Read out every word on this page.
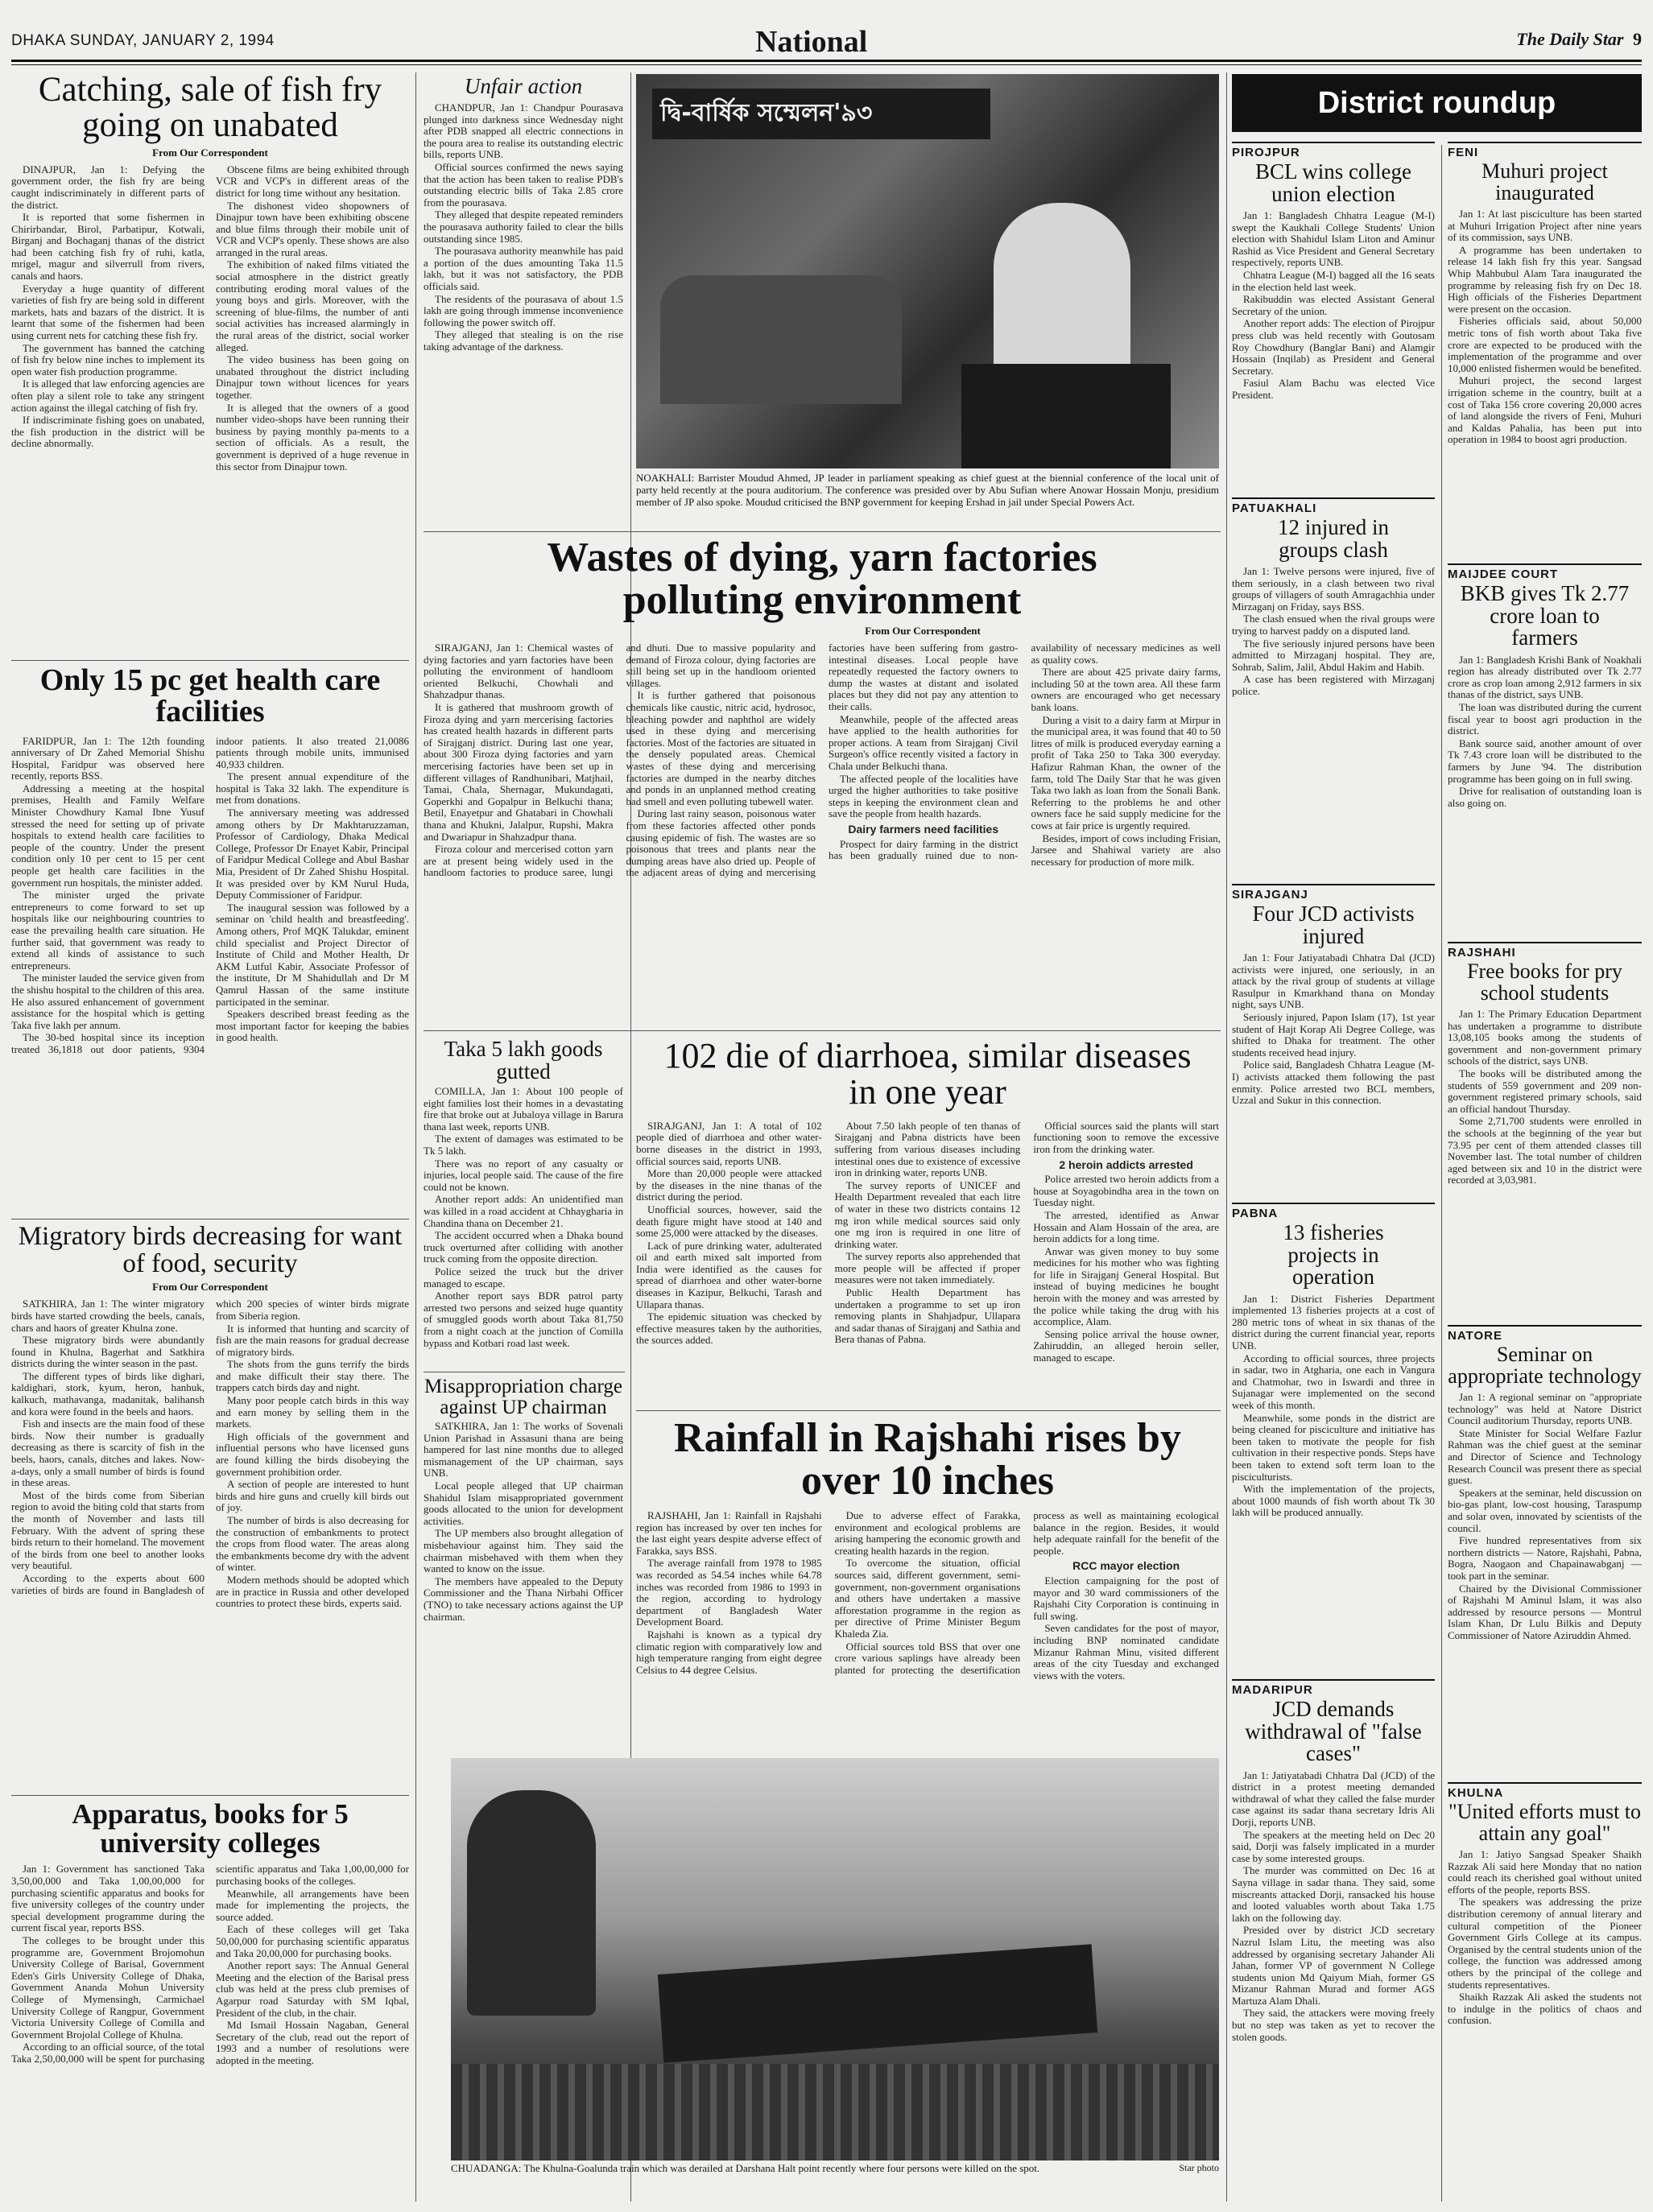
DHAKA SUNDAY, JANUARY 2, 1994	National	The Daily Star 9
Catching, sale of fish fry going on unabated
From Our Correspondent

DINAJPUR, Jan 1: Defying the government order, the fish fry are being caught indiscriminately in different parts of the district.

It is reported that some fishermen in Chirirbandar, Birol, Parbatipur, Kotwali, Birganj and Bochaganj thanas of the district had been catching fish fry of ruhi, katla, mrigel, magur and silverrull from rivers, canals and haors.

Everyday a huge quantity of different varieties of fish fry are being sold in different markets, hats and bazars of the district. It is learnt that some of the fishermen had been using current nets for catching these fish fry.

The government has banned the catching of fish fry below nine inches to implement its open water fish production programme.

It is alleged that law enforcing agencies are often play a silent role to take any stringent action against the illegal catching of fish fry.

If indiscriminate fishing goes on unabated, the fish production in the district will be decline abnormally.

Obscene films are being exhibited through VCR and VCP's in different areas of the district for long time without any hesitation.

The dishonest video shopowners of Dinajpur town have been exhibiting obscene and blue films through their mobile unit of VCR and VCP's openly. These shows are also arranged in the rural areas.

The exhibition of naked films vitiated the social atmosphere in the district greatly contributing eroding moral values of the young boys and girls. Moreover, with the screening of blue-films, the number of anti social activities has increased alarmingly in the rural areas of the district, social worker alleged.

The video business has been going on unabated throughout the district including Dinajpur town without licences for years together.

It is alleged that the owners of a good number video-shops have been running their business by paying monthly pa-ments to a section of officials. As a result, the government is deprived of a huge revenue in this sector from Dinajpur town.

Only 15 pc get health care facilities

FARIDPUR, Jan 1: The 12th founding anniversary of Dr Zahed Memorial Shishu Hospital, Faridpur was observed here recently, reports BSS.

Addressing a meeting at the hospital premises, Health and Family Welfare Minister Chowdhury Kamal Ibne Yusuf stressed the need for setting up of private hospitals to extend health care facilities to people of the country. Under the present condition only 10 per cent to 15 per cent people get health care facilities in the government run hospitals, the minister added.

The minister urged the private entrepreneurs to come forward to set up hospitals like our neighbouring countries to ease the prevailing health care situation. He further said, that government was ready to extend all kinds of assistance to such entrepreneurs.

The minister lauded the service given from the shishu hospital to the children of this area. He also assured enhancement of government assistance for the hospital which is getting Taka five lakh per annum.

The 30-bed hospital since its inception treated 36,1818 out door patients, 9304 indoor patients. It also treated 21,0086 patients through mobile units, immunised 40,933 children.

The present annual expenditure of the hospital is Taka 32 lakh. The expenditure is met from donations.

The anniversary meeting was addressed among others by Dr Makhtaruzzaman, Professor of Cardiology, Dhaka Medical College, Professor Dr Enayet Kabir, Principal of Faridpur Medical College and Abul Bashar Mia, President of Dr Zahed Shishu Hospital. It was presided over by KM Nurul Huda, Deputy Commissioner of Faridpur.

The inaugural session was followed by a seminar on 'child health and breastfeeding'. Among others, Prof MQK Talukdar, eminent child specialist and Project Director of Institute of Child and Mother Health, Dr AKM Lutful Kabir, Associate Professor of the institute, Dr M Shahidullah and Dr M Qamrul Hassan of the same institute participated in the seminar.

Speakers described breast feeding as the most important factor for keeping the babies in good health.

Migratory birds decreasing for want of food, security
From Our Correspondent

SATKHIRA, Jan 1: The winter migratory birds have started crowding the beels, canals, chars and haors of greater Khulna zone.

These migratory birds were abundantly found in Khulna, Bagerhat and Satkhira districts during the winter season in the past.

The different types of birds like dighari, kaldighari, stork, kyum, heron, hanhuk, kalkuch, mathavanga, madanitak, balihansh and kora were found in the beels and haors.

Fish and insects are the main food of these birds. Now their number is gradually decreasing as there is scarcity of fish in the beels, haors, canals, ditches and lakes. Now-a-days, only a small number of birds is found in these areas.

Most of the birds come from Siberian region to avoid the biting cold that starts from the month of November and lasts till February. With the advent of spring these birds return to their homeland. The movement of the birds from one beel to another looks very beautiful.

According to the experts about 600 varieties of birds are found in Bangladesh of which 200 species of winter birds migrate from Siberia region.

It is informed that hunting and scarcity of fish are the main reasons for gradual decrease of migratory birds.

The shots from the guns terrify the birds and make difficult their stay there. The trappers catch birds day and night.

Many poor people catch birds in this way and earn money by selling them in the markets.

High officials of the government and influential persons who have licensed guns are found killing the birds disobeying the government prohibition order.

A section of people are interested to hunt birds and hire guns and cruelly kill birds out of joy.

The number of birds is also decreasing for the construction of embankments to protect the crops from flood water. The areas along the embankments become dry with the advent of winter.

Modern methods should be adopted which are in practice in Russia and other developed countries to protect these birds, experts said.

Apparatus, books for 5 university colleges

Jan 1: Government has sanctioned Taka 3,50,00,000 and Taka 1,00,00,000 for purchasing scientific apparatus and books for five university colleges of the country under special development programme during the current fiscal year, reports BSS.

The colleges to be brought under this programme are, Government Brojomohun University College of Barisal, Government Eden's Girls University College of Dhaka, Government Ananda Mohun University College of Mymensingh, Carmichael University College of Rangpur, Government Victoria University College of Comilla and Government Brojolal College of Khulna.

According to an official source, of the total Taka 2,50,00,000 will be spent for purchasing scientific apparatus and Taka 1,00,00,000 for purchasing books of the colleges.

Meanwhile, all arrangements have been made for implementing the projects, the source added.

Each of these colleges will get Taka 50,00,000 for purchasing scientific apparatus and Taka 20,00,000 for purchasing books.

Another report says: The Annual General Meeting and the election of the Barisal press club was held at the press club premises of Agarpur road Saturday with SM Iqbal, President of the club, in the chair.

Md Ismail Hossain Nagaban, General Secretary of the club, read out the report of 1993 and a number of resolutions were adopted in the meeting.

Unfair action

CHANDPUR, Jan 1: Chandpur Pourasava plunged into darkness since Wednesday night after PDB snapped all electric connections in the poura area to realise its outstanding electric bills, reports UNB.

Official sources confirmed the news saying that the action has been taken to realise PDB's outstanding electric bills of Taka 2.85 crore from the pourasava.

They alleged that despite repeated reminders the pourasava authority failed to clear the bills outstanding since 1985.

The pourasava authority meanwhile has paid a portion of the dues amounting Taka 11.5 lakh, but it was not satisfactory, the PDB officials said.

The residents of the pourasava of about 1.5 lakh are going through immense inconvenience following the power switch off.

They alleged that stealing is on the rise taking advantage of the darkness.

দ্বি-বার্ষিক সম্মেলন'৯৩
NOAKHALI: Barrister Moudud Ahmed, JP leader in parliament speaking as chief guest at the biennial conference of the local unit of party held recently at the poura auditorium. The conference was presided over by Abu Sufian where Anowar Hossain Monju, presidium member of JP also spoke. Moudud criticised the BNP government for keeping Ershad in jail under Special Powers Act.
Wastes of dying, yarn factories polluting environment
From Our Correspondent

SIRAJGANJ, Jan 1: Chemical wastes of dying factories and yarn factories have been polluting the environment of handloom oriented Belkuchi, Chowhali and Shahzadpur thanas.

It is gathered that mushroom growth of Firoza dying and yarn mercerising factories has created health hazards in different parts of Sirajganj district. During last one year, about 300 Firoza dying factories and yarn mercerising factories have been set up in different villages of Randhunibari, Matjhail, Tamai, Chala, Shernagar, Mukundagati, Goperkhi and Gopalpur in Belkuchi thana; Betil, Enayetpur and Ghatabari in Chowhali thana and Khukni, Jalalpur, Rupshi, Makra and Dwariapur in Shahzadpur thana.

Firoza colour and mercerised cotton yarn are at present being widely used in the handloom factories to produce saree, lungi and dhuti. Due to massive popularity and demand of Firoza colour, dying factories are still being set up in the handloom oriented villages.

It is further gathered that poisonous chemicals like caustic, nitric acid, hydrosoc, bleaching powder and naphthol are widely used in these dying and mercerising factories. Most of the factories are situated in the densely populated areas. Chemical wastes of these dying and mercerising factories are dumped in the nearby ditches and ponds in an unplanned method creating bad smell and even polluting tubewell water.

During last rainy season, poisonous water from these factories affected other ponds causing epidemic of fish. The wastes are so poisonous that trees and plants near the dumping areas have also dried up. People of the adjacent areas of dying and mercerising factories have been suffering from gastro-intestinal diseases. Local people have repeatedly requested the factory owners to dump the wastes at distant and isolated places but they did not pay any attention to their calls.

Meanwhile, people of the affected areas have applied to the health authorities for proper actions. A team from Sirajganj Civil Surgeon's office recently visited a factory in Chala under Belkuchi thana.

The affected people of the localities have urged the higher authorities to take positive steps in keeping the environment clean and save the people from health hazards.

Dairy farmers need facilities

Prospect for dairy farming in the district has been gradually ruined due to non-availability of necessary medicines as well as quality cows.

There are about 425 private dairy farms, including 50 at the town area. All these farm owners are encouraged who get necessary bank loans.

During a visit to a dairy farm at Mirpur in the municipal area, it was found that 40 to 50 litres of milk is produced everyday earning a profit of Taka 250 to Taka 300 everyday. Hafizur Rahman Khan, the owner of the farm, told The Daily Star that he was given Taka two lakh as loan from the Sonali Bank. Referring to the problems he and other owners face he said supply medicine for the cows at fair price is urgently required.

Besides, import of cows including Frisian, Jarsee and Shahiwal variety are also necessary for production of more milk.

Taka 5 lakh goods gutted

COMILLA, Jan 1: About 100 people of eight families lost their homes in a devastating fire that broke out at Jubaloya village in Barura thana last week, reports UNB.

The extent of damages was estimated to be Tk 5 lakh.

There was no report of any casualty or injuries, local people said. The cause of the fire could not be known.

Another report adds: An unidentified man was killed in a road accident at Chhaygharia in Chandina thana on December 21.

The accident occurred when a Dhaka bound truck overturned after colliding with another truck coming from the opposite direction.

Police seized the truck but the driver managed to escape.

Another report says BDR patrol party arrested two persons and seized huge quantity of smuggled goods worth about Taka 81,750 from a night coach at the junction of Comilla bypass and Kotbari road last week.

Misappropriation charge against UP chairman

SATKHIRA, Jan 1: The works of Sovenali Union Parishad in Assasuni thana are being hampered for last nine months due to alleged mismanagement of the UP chairman, says UNB.

Local people alleged that UP chairman Shahidul Islam misappropriated government goods allocated to the union for development activities.

The UP members also brought allegation of misbehaviour against him. They said the chairman misbehaved with them when they wanted to know on the issue.

The members have appealed to the Deputy Commissioner and the Thana Nirbahi Officer (TNO) to take necessary actions against the UP chairman.

102 die of diarrhoea, similar diseases in one year

SIRAJGANJ, Jan 1: A total of 102 people died of diarrhoea and other water-borne diseases in the district in 1993, official sources said, reports UNB.

More than 20,000 people were attacked by the diseases in the nine thanas of the district during the period.

Unofficial sources, however, said the death figure might have stood at 140 and some 25,000 were attacked by the diseases.

Lack of pure drinking water, adulterated oil and earth mixed salt imported from India were identified as the causes for spread of diarrhoea and other water-borne diseases in Kazipur, Belkuchi, Tarash and Ullapara thanas.

The epidemic situation was checked by effective measures taken by the authorities, the sources added.

About 7.50 lakh people of ten thanas of Sirajganj and Pabna districts have been suffering from various diseases including intestinal ones due to existence of excessive iron in drinking water, reports UNB.

The survey reports of UNICEF and Health Department revealed that each litre of water in these two districts contains 12 mg iron while medical sources said only one mg iron is required in one litre of drinking water.

The survey reports also apprehended that more people will be affected if proper measures were not taken immediately.

Public Health Department has undertaken a programme to set up iron removing plants in Shahjadpur, Ullapara and sadar thanas of Sirajganj and Sathia and Bera thanas of Pabna.

Official sources said the plants will start functioning soon to remove the excessive iron from the drinking water.

2 heroin addicts arrested

Police arrested two heroin addicts from a house at Soyagobindha area in the town on Tuesday night.

The arrested, identified as Anwar Hossain and Alam Hossain of the area, are heroin addicts for a long time.

Anwar was given money to buy some medicines for his mother who was fighting for life in Sirajganj General Hospital. But instead of buying medicines he bought heroin with the money and was arrested by the police while taking the drug with his accomplice, Alam.

Sensing police arrival the house owner, Zahiruddin, an alleged heroin seller, managed to escape.

Rainfall in Rajshahi rises by over 10 inches

RAJSHAHI, Jan 1: Rainfall in Rajshahi region has increased by over ten inches for the last eight years despite adverse effect of Farakka, says BSS.

The average rainfall from 1978 to 1985 was recorded as 54.54 inches while 64.78 inches was recorded from 1986 to 1993 in the region, according to hydrology department of Bangladesh Water Development Board.

Rajshahi is known as a typical dry climatic region with comparatively low and high temperature ranging from eight degree Celsius to 44 degree Celsius.

Due to adverse effect of Farakka, environment and ecological problems are arising hampering the economic growth and creating health hazards in the region.

To overcome the situation, official sources said, different government, semi-government, non-government organisations and others have undertaken a massive afforestation programme in the region as per directive of Prime Minister Begum Khaleda Zia.

Official sources told BSS that over one crore various saplings have already been planted for protecting the desertification process as well as maintaining ecological balance in the region. Besides, it would help adequate rainfall for the benefit of the people.

RCC mayor election

Election campaigning for the post of mayor and 30 ward commissioners of the Rajshahi City Corporation is continuing in full swing.

Seven candidates for the post of mayor, including BNP nominated candidate Mizanur Rahman Minu, visited different areas of the city Tuesday and exchanged views with the voters.

CHUADANGA: The Khulna-Goalunda train which was derailed at Darshana Halt point recently where four persons were killed on the spot.	Star photo
District roundup
PIROJPUR
BCL wins college union election

Jan 1: Bangladesh Chhatra League (M-I) swept the Kaukhali College Students' Union election with Shahidul Islam Liton and Aminur Rashid as Vice President and General Secretary respectively, reports UNB.

Chhatra League (M-I) bagged all the 16 seats in the election held last week.

Rakibuddin was elected Assistant General Secretary of the union.

Another report adds: The election of Pirojpur press club was held recently with Goutosam Roy Chowdhury (Banglar Bani) and Alamgir Hossain (Inqilab) as President and General Secretary.

Fasiul Alam Bachu was elected Vice President.

PATUAKHALI
12 injured in groups clash

Jan 1: Twelve persons were injured, five of them seriously, in a clash between two rival groups of villagers of south Amragachhia under Mirzaganj on Friday, says BSS.

The clash ensued when the rival groups were trying to harvest paddy on a disputed land.

The five seriously injured persons have been admitted to Mirzaganj hospital. They are, Sohrab, Salim, Jalil, Abdul Hakim and Habib.

A case has been registered with Mirzaganj police.

SIRAJGANJ
Four JCD activists injured

Jan 1: Four Jatiyatabadi Chhatra Dal (JCD) activists were injured, one seriously, in an attack by the rival group of students at village Rasulpur in Kmarkhand thana on Monday night, says UNB.

Seriously injured, Papon Islam (17), 1st year student of Hajt Korap Ali Degree College, was shifted to Dhaka for treatment. The other students received head injury.

Police said, Bangladesh Chhatra League (M-I) activists attacked them following the past enmity. Police arrested two BCL members, Uzzal and Sukur in this connection.

PABNA
13 fisheries projects in operation

Jan 1: District Fisheries Department implemented 13 fisheries projects at a cost of 280 metric tons of wheat in six thanas of the district during the current financial year, reports UNB.

According to official sources, three projects in sadar, two in Atgharia, one each in Vangura and Chatmohar, two in Iswardi and three in Sujanagar were implemented on the second week of this month.

Meanwhile, some ponds in the district are being cleaned for pisciculture and initiative has been taken to motivate the people for fish cultivation in their respective ponds. Steps have been taken to extend soft term loan to the pisciculturists.

With the implementation of the projects, about 1000 maunds of fish worth about Tk 30 lakh will be produced annually.

MADARIPUR
JCD demands withdrawal of "false cases"

Jan 1: Jatiyatabadi Chhatra Dal (JCD) of the district in a protest meeting demanded withdrawal of what they called the false murder case against its sadar thana secretary Idris Ali Dorji, reports UNB.

The speakers at the meeting held on Dec 20 said, Dorji was falsely implicated in a murder case by some interested groups.

The murder was committed on Dec 16 at Sayna village in sadar thana. They said, some miscreants attacked Dorji, ransacked his house and looted valuables worth about Taka 1.75 lakh on the following day.

Presided over by district JCD secretary Nazrul Islam Litu, the meeting was also addressed by organising secretary Jahander Ali Jahan, former VP of government N College students union Md Qaiyum Miah, former GS Mizanur Rahman Murad and former AGS Martuza Alam Dhali.

They said, the attackers were moving freely but no step was taken as yet to recover the stolen goods.

FENI
Muhuri project inaugurated

Jan 1: At last pisciculture has been started at Muhuri Irrigation Project after nine years of its commission, says UNB.

A programme has been undertaken to release 14 lakh fish fry this year. Sangsad Whip Mahbubul Alam Tara inaugurated the programme by releasing fish fry on Dec 18. High officials of the Fisheries Department were present on the occasion.

Fisheries officials said, about 50,000 metric tons of fish worth about Taka five crore are expected to be produced with the implementation of the programme and over 10,000 enlisted fishermen would be benefited.

Muhuri project, the second largest irrigation scheme in the country, built at a cost of Taka 156 crore covering 20,000 acres of land alongside the rivers of Feni, Muhuri and Kaldas Pahalia, has been put into operation in 1984 to boost agri production.

MAIJDEE COURT
BKB gives Tk 2.77 crore loan to farmers

Jan 1: Bangladesh Krishi Bank of Noakhali region has already distributed over Tk 2.77 crore as crop loan among 2,912 farmers in six thanas of the district, says UNB.

The loan was distributed during the current fiscal year to boost agri production in the district.

Bank source said, another amount of over Tk 7.43 crore loan will be distributed to the farmers by June '94. The distribution programme has been going on in full swing.

Drive for realisation of outstanding loan is also going on.

RAJSHAHI
Free books for pry school students

Jan 1: The Primary Education Department has undertaken a programme to distribute 13,08,105 books among the students of government and non-government primary schools of the district, says UNB.

The books will be distributed among the students of 559 government and 209 non-government registered primary schools, said an official handout Thursday.

Some 2,71,700 students were enrolled in the schools at the beginning of the year but 73.95 per cent of them attended classes till November last. The total number of children aged between six and 10 in the district were recorded at 3,03,981.

NATORE
Seminar on appropriate technology

Jan 1: A regional seminar on "appropriate technology" was held at Natore District Council auditorium Thursday, reports UNB.

State Minister for Social Welfare Fazlur Rahman was the chief guest at the seminar and Director of Science and Technology Research Council was present there as special guest.

Speakers at the seminar, held discussion on bio-gas plant, low-cost housing, Taraspump and solar oven, innovated by scientists of the council.

Five hundred representatives from six northern districts — Natore, Rajshahi, Pabna, Bogra, Naogaon and Chapainawabganj — took part in the seminar.

Chaired by the Divisional Commissioner of Rajshahi M Aminul Islam, it was also addressed by resource persons — Montrul Islam Khan, Dr Lulu Bilkis and Deputy Commissioner of Natore Aziruddin Ahmed.

KHULNA
"United efforts must to attain any goal"

Jan 1: Jatiyo Sangsad Speaker Shaikh Razzak Ali said here Monday that no nation could reach its cherished goal without united efforts of the people, reports BSS.

The speakers was addressing the prize distribution ceremony of annual literary and cultural competition of the Pioneer Government Girls College at its campus. Organised by the central students union of the college, the function was addressed among others by the principal of the college and students representatives.

Shaikh Razzak Ali asked the students not to indulge in the politics of chaos and confusion.
